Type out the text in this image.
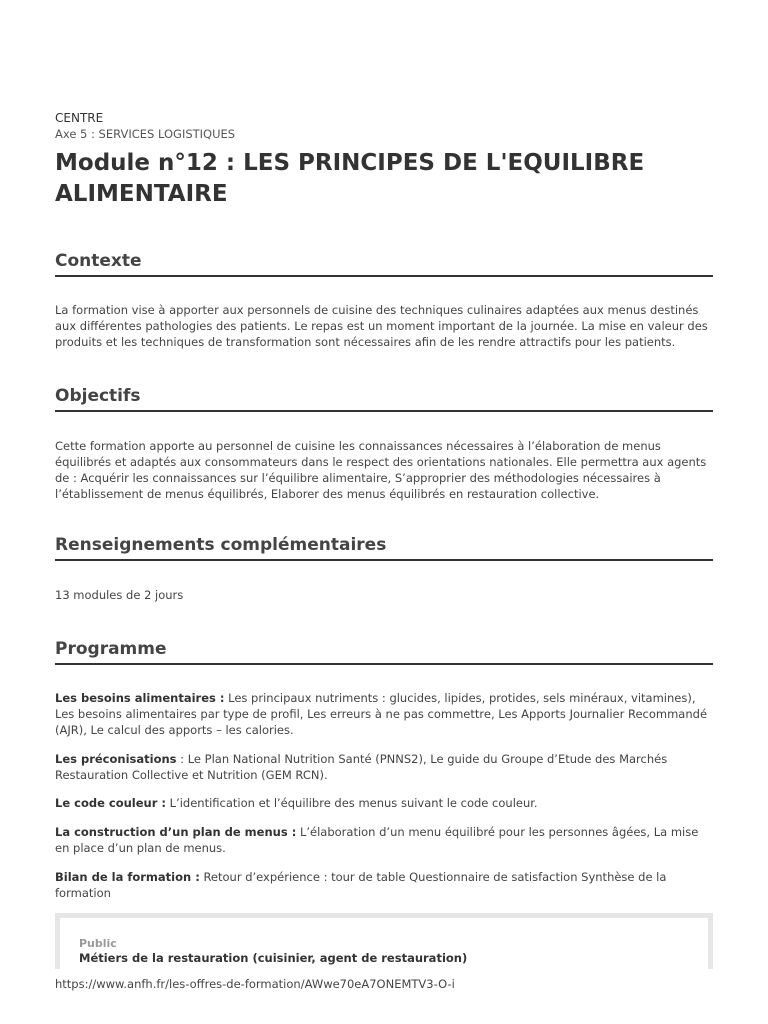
CENTRE
Axe 5 : SERVICES LOGISTIQUES
Module n°12 : LES PRINCIPES DE L'EQUILIBRE ALIMENTAIRE
Contexte

La formation vise à apporter aux personnels de cuisine des techniques culinaires adaptées aux menus destinés aux différentes pathologies des patients. Le repas est un moment important de la journée. La mise en valeur des produits et les techniques de transformation sont nécessaires afin de les rendre attractifs pour les patients.

Objectifs

Cette formation apporte au personnel de cuisine les connaissances nécessaires à l’élaboration de menus équilibrés et adaptés aux consommateurs dans le respect des orientations nationales. Elle permettra aux agents de : Acquérir les connaissances sur l’équilibre alimentaire, S’approprier des méthodologies nécessaires à l’établissement de menus équilibrés, Elaborer des menus équilibrés en restauration collective.

Renseignements complémentaires

13 modules de 2 jours

Programme

Les besoins alimentaires : Les principaux nutriments : glucides, lipides, protides, sels minéraux, vitamines), Les besoins alimentaires par type de profil, Les erreurs à ne pas commettre, Les Apports Journalier Recommandé (AJR), Le calcul des apports – les calories.

Les préconisations : Le Plan National Nutrition Santé (PNNS2), Le guide du Groupe d’Etude des Marchés Restauration Collective et Nutrition (GEM RCN).

Le code couleur : L’identification et l’équilibre des menus suivant le code couleur.

La construction d’un plan de menus : L’élaboration d’un menu équilibré pour les personnes âgées, La mise en place d’un plan de menus.

Bilan de la formation : Retour d’expérience : tour de table Questionnaire de satisfaction Synthèse de la formation

Public
Métiers de la restauration (cuisinier, agent de restauration)
https://www.anfh.fr/les-offres-de-formation/AWwe70eA7ONEMTV3-O-i
